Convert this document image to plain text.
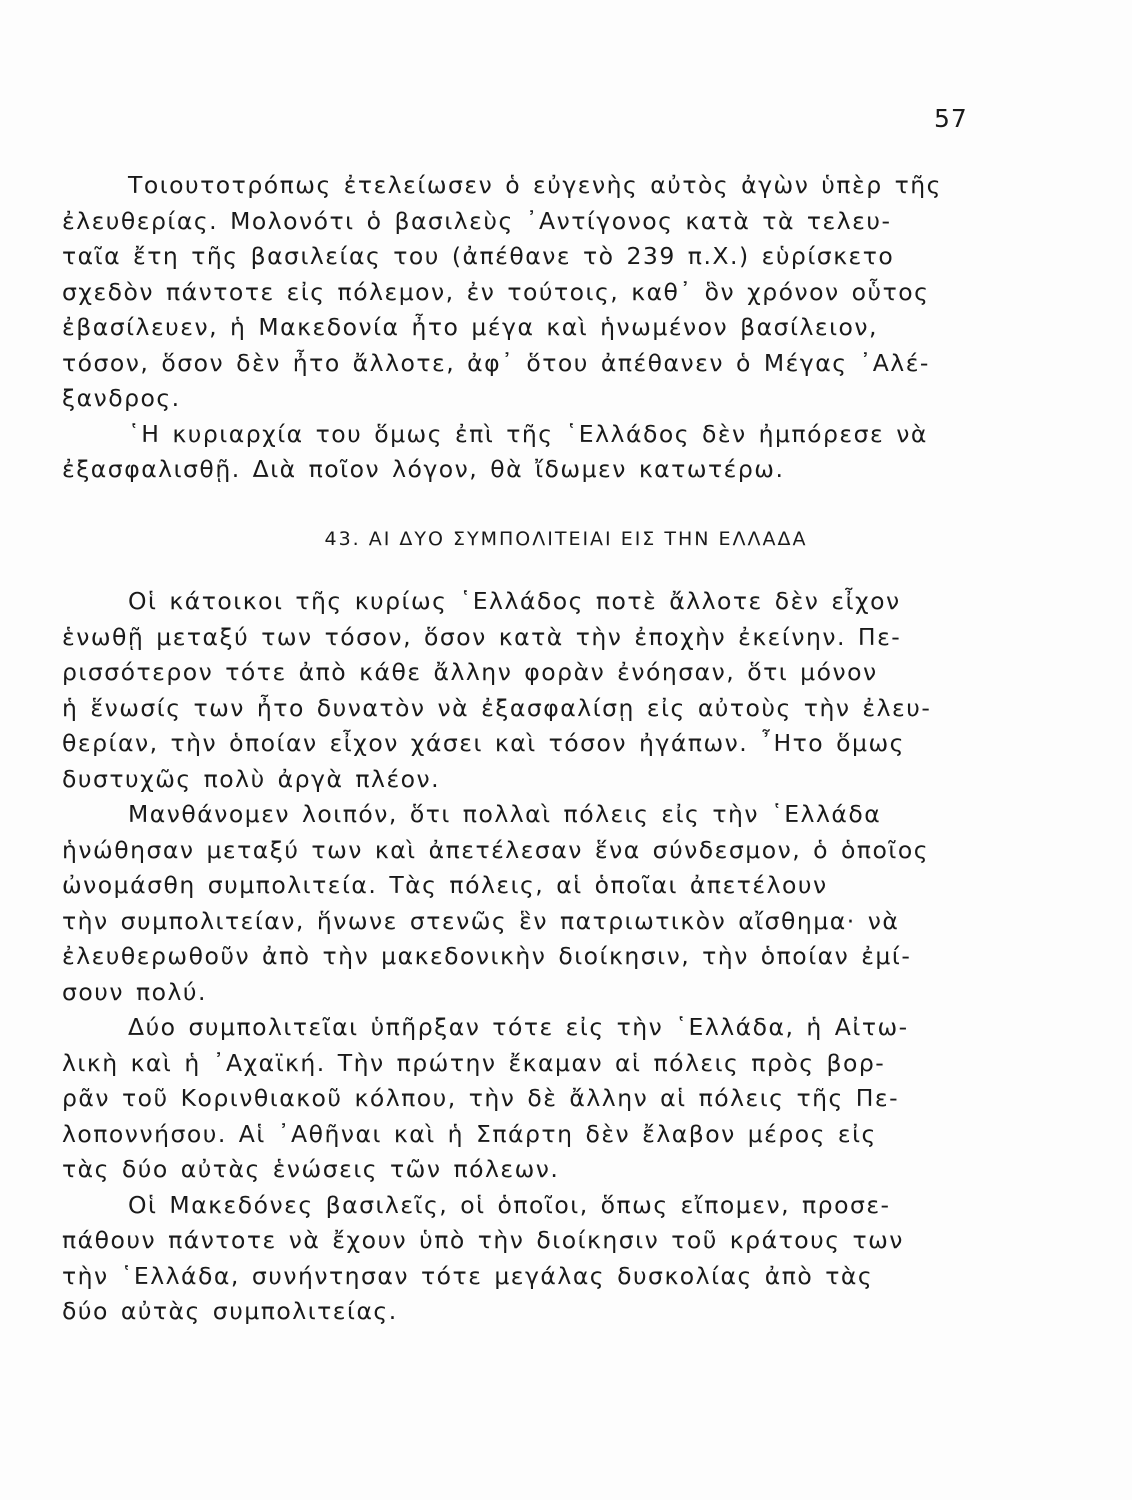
57
Τοιουτοτρόπως ἐτελείωσεν ὁ εὐγενὴς αὐτὸς ἀγὼν ὑπὲρ τῆς
ἐλευθερίας. Μολονότι ὁ βασιλεὺς ᾿Αντίγονος κατὰ τὰ τελευ-
ταῖα ἔτη τῆς βασιλείας του (ἀπέθανε τὸ 239 π.Χ.) εὑρίσκετο
σχεδὸν πάντοτε εἰς πόλεμον, ἐν τούτοις, καθ᾿ ὃν χρόνον οὗτος
ἐβασίλευεν, ἡ Μακεδονία ἦτο μέγα καὶ ἡνωμένον βασίλειον,
τόσον, ὅσον δὲν ἦτο ἄλλοτε, ἀφ᾿ ὅτου ἀπέθανεν ὁ Μέγας ᾿Αλέ-
ξανδρος.
῾Η κυριαρχία του ὅμως ἐπὶ τῆς ῾Ελλάδος δὲν ἠμπόρεσε νὰ
ἐξασφαλισθῇ. Διὰ ποῖον λόγον, θὰ ἴδωμεν κατωτέρω.
43. ΑΙ ΔΥΟ ΣΥΜΠΟΛΙΤΕΙΑΙ ΕΙΣ ΤΗΝ ΕΛΛΑΔΑ
Οἱ κάτοικοι τῆς κυρίως ῾Ελλάδος ποτὲ ἄλλοτε δὲν εἶχον
ἑνωθῇ μεταξύ των τόσον, ὅσον κατὰ τὴν ἐποχὴν ἐκείνην. Πε-
ρισσότερον τότε ἀπὸ κάθε ἄλλην φορὰν ἐνόησαν, ὅτι μόνον
ἡ ἕνωσίς των ἦτο δυνατὸν νὰ ἐξασφαλίσῃ εἰς αὐτοὺς τὴν ἐλευ-
θερίαν, τὴν ὁποίαν εἶχον χάσει καὶ τόσον ἠγάπων. ῏Ητο ὅμως
δυστυχῶς πολὺ ἀργὰ πλέον.
Μανθάνομεν λοιπόν, ὅτι πολλαὶ πόλεις εἰς τὴν ῾Ελλάδα
ἡνώθησαν μεταξύ των καὶ ἀπετέλεσαν ἕνα σύνδεσμον, ὁ ὁποῖος
ὠνομάσθη συμπολιτεία. Τὰς πόλεις, αἱ ὁποῖαι ἀπετέλουν
τὴν συμπολιτείαν, ἥνωνε στενῶς ἓν πατριωτικὸν αἴσθημα· νὰ
ἐλευθερωθοῦν ἀπὸ τὴν μακεδονικὴν διοίκησιν, τὴν ὁποίαν ἐμί-
σουν πολύ.
Δύο συμπολιτεῖαι ὑπῆρξαν τότε εἰς τὴν ῾Ελλάδα, ἡ Αἰτω-
λικὴ καὶ ἡ ᾿Αχαϊκή. Τὴν πρώτην ἔκαμαν αἱ πόλεις πρὸς βορ-
ρᾶν τοῦ Κορινθιακοῦ κόλπου, τὴν δὲ ἄλλην αἱ πόλεις τῆς Πε-
λοποννήσου. Αἱ ᾿Αθῆναι καὶ ἡ Σπάρτη δὲν ἔλαβον μέρος εἰς
τὰς δύο αὐτὰς ἑνώσεις τῶν πόλεων.
Οἱ Μακεδόνες βασιλεῖς, οἱ ὁποῖοι, ὅπως εἴπομεν, προσε-
πάθουν πάντοτε νὰ ἔχουν ὑπὸ τὴν διοίκησιν τοῦ κράτους των
τὴν ῾Ελλάδα, συνήντησαν τότε μεγάλας δυσκολίας ἀπὸ τὰς
δύο αὐτὰς συμπολιτείας.
